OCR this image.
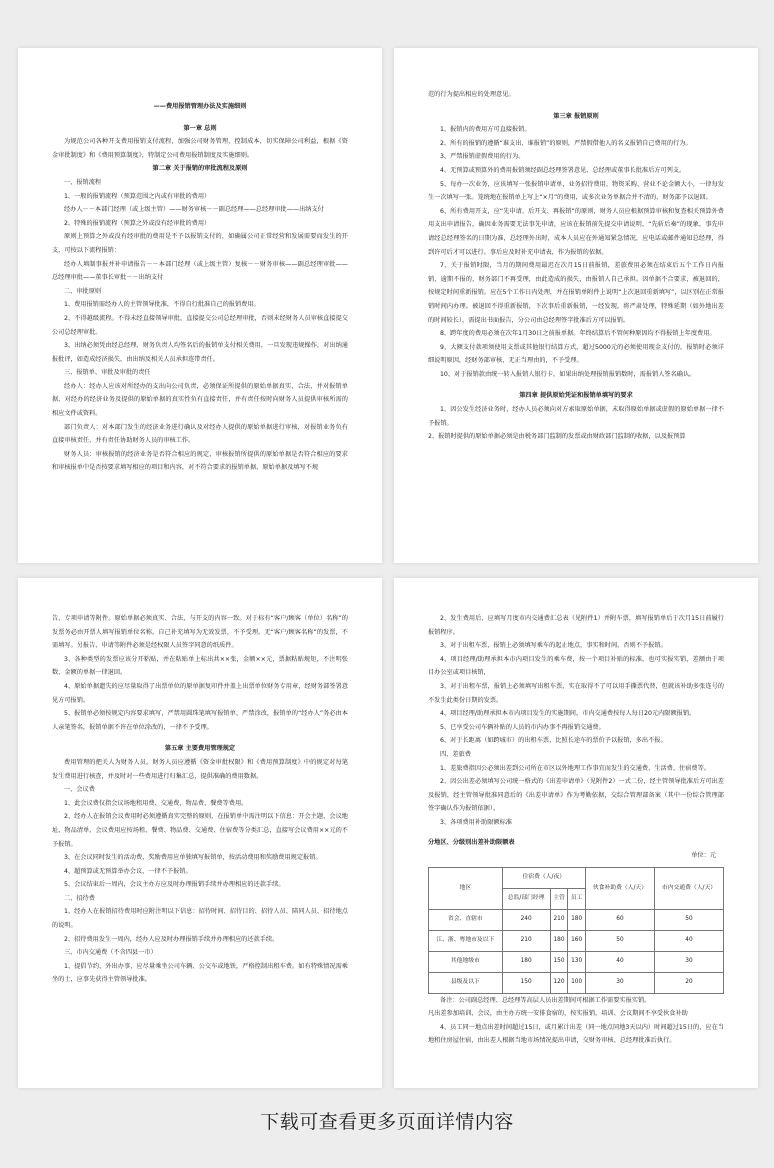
——费用报销管理办法及实施细则

第一章 总则

为规范公司各种开支费用报销支付流程，加强公司财务管理，控制成本，切实保障公司利益，根据《资金审批制度》和《费用预算制度》，特制定公司费用报销制度及实施细则。

第二章 关于报销的审批流程及原则

一、报销流程

1、一般的报销流程（预算范围之内或有审批的费用）

经办人－－本部门经理（或上级主管）——财务审核－－副总经理——总经理审批——出纳支付

2、特殊的报销流程（预算之外或没有经审批的费用）

原则上预算之外或没有经审批的费用是不予以报销支付的，如确属公司正常经营和发展需要而发生的开支，可按以下流程报销：

经办人填制事报并补申请报告－－本部门经理（或上级主管）复核－－财务审核——副总经理审批——总经理审批——董事长审批－－出纳支付

二、审批原则

1、费用报销需经办人的主管领导批准，不得自行批准自己的报销费用。

2、不得越级流程。不得未经直接领导审批，直接提交公司总经理审批，否则未经财务人员审核直接提交公司总经理审批。

3、出纳必须凭由经总经理、财务负责人均签名后的报销单支付相关费用，一旦发现违规操作，对出纳通报批评，如造成经济损失，由出纳及相关人员承担连带责任。

三、报销单、审批及审批的责任

经办人：经办人应该对所经办的支出向公司负责，必须保证所提供的原始单据真实、合法，并对报销单据、对经办的经济业务及提供的原始单据的真实性负有直接责任，并有责任按时向财务人员提供审核所需的相应文件或资料。

部门负责人：对本部门发生的经济业务进行确认及对经办人提供的原始单据进行审核，对报销业务负有直接审核责任，并有责任协助财务人员的审核工作。

财务人员：审核报销的经济业务是否符合相应的规定，审核报销所提供的原始单据是否符合相应的要求和审核报单中是否按要求填写相应的项目和内容，对不符合要求的报销单据、原始单据及填写不规

范的行为提出相应的处理意见。

第三章 报销原则

1、报销内的费用方可直接报销。

2、所有的报销的遵循“谁支出、谁报销”的原则，严禁假借他人的名义报销自己费用的行为。

3、严禁报销虚假费用的行为。

4、无预算或预算外的费用报销须经副总经理签署意见、总经理或董事长批准后方可列支。

5、每办一次业务，应该填写一张报销申请单，业务招待费用、物资采购、营业不论金额大小，一律每发生一次填写一张。笼统地在报销单上写上“×月”的费用，或多次业务单据合并不清的，财务部予以退回。

6、所有费用开支，应“先申请、后开支、再报销”的原则，财务人员应根据预算审核和复查相关预算外费用支出申请报告，确因业务需要无法事先申请，应该在报销前先提交申请说明，“先斩后奏”的现象，事先申请经总经理签名的日期为准，总经理外出时，成本人员应在外通知紧急情况，应电话或邮件通知总经理，得到许可后才可以进行。事后应及时补充申请表，作为报销的依据。

7、关于报销时限，当月的期间费用最迟在次月15日前报销，差旅费用必须在结束后五个工作日内报销，逾期不报的，财务部门不再受理，由此造成的损失，由报销人自己承担。因单据不合要求，被退回的，按规定时间重新报销。应在5个工作日内处理，并在报销单附件上说明“上次退回重新填写”，以区别在正常报销时间内办理。被退回不得重新报销，下次事后重新报销，一经发现，将严肃处理，特殊延期（如外地出差的时间较长），需提出书面报告，分公司由总经理签字批准后方可以报销。

8、跨年度的费用必须在次年1月30日之前报单据。年终结算后不管何种原因均不得报销上年度费用。

9、大额支付款项须使用支票或其他银行结算方式，超过5000元的必须使用现金支付的，报销时必须详细说明原因，经财务部审核，无正当理由的，不予受理。

10、对于报销款由统一转入报销人银行卡，如果出纳处理报销报销数时，需报销人签名确认。

第四章 提供原始凭证和报销单填写的要求

1、因公发生经济业务时，经办人员必须向对方索取原始单据，未取得原始单据或虚假的原始单据一律不予报销。

2、报销时提供的原始单据必须是由税务部门监制的发票或由财政部门监制的收据，以及报预算

告、专项申请等附件。原始单据必须真实、合法，与开支的内容一致。对于标有“客户/顾客（单位）名称”的发票务必由开票人填写报销单位名称，自己补充填写为无效发票，不予受理。无“客户/顾客名称”的发票，不需填写。另报告、申请等附件必须是经权限人员签字同意的纸质件。

3、各种类型的发票应该分开粘贴，并在粘贴单上标出共××张，金额××元，票据粘贴规矩，不注明张数、金额的单据一律退回。

4、原始单据遗失的应尽量取得了出票单位的原单据复印件并盖上出票单位财务专用章，经财务部签署意见方可报销。

5、报销单必须按规定内容要求填写，严禁用圆珠笔填写报销单、严禁涂改，报销单的“经办人”务必由本人亲笔签名，报销单据不许在单位涂改的，一律不予受理。

第五章 主要费用管理规定

费用管理的把关人为财务人员。财务人员应遵循《资金审批权限》和《费用预算制度》中的规定对每笔发生费用进行核查，并及时对一些费用进行归集汇总，提供准确的费用数据。

一、会议费

1、此会议费仅指会议场地租用费、交通费、物品费、餐费等费用。

2、经办人在报销会议费用时必须遵循真实完整的原则，在报销单中需注明以下信息：开会主题、会议地址、物品清单、会议费用应按场租、餐费、物品费、交通费、住宿费等分类汇总，直接写会议费用××元的不予报销。

3、在会议同时发生的活动费，奖励费用应单独填写报销单，按活动费用和奖励费用规定报销。

4、超预算或无预算举办会议，一律不予报销。

5、会议结束后一周内，会议主办方应及时办理报销手续并办理相应的还款手续。

二、招待费

1、经办人在报销招待费用时应附注明以下信息：招待时间、招待目的、招待人员、陪同人员、招待地点的说明。

2、招待费用发生一周内，经办人应及时办理报销手续并办理相应的还款手续。

三、市内交通费（不含四县一市）

1、提倡节约，外出办事，应尽量乘坐公司车辆、公交车或地铁，严格控制出租车费。如有特殊情况需乘坐的士，应事先获得主管领导批准。

2、发生费用后，应填写月度市内交通费汇总表（见附件1）并附车票，填写报销单后于次月15日前履行报销程序。

3、对于出租车票，报销上必须填写乘车的起止地点，事实和时间，否则不予报销。

4、项目经理/助理承担本市内项目发生的乘车费，按一个项目补贴的标准，也可实报实销，差额由于项目办公室或项目核销，

3、对于出租车票，报销上必须填写出租车票，实在取得不了可以用手撕票代替，但就该补助多张连号的不发生此类份日期的发票。

4、项目经理/助理承担本市内项目发生的实施期间，市内交通费按每人每日20元内限额报销。

5、已享受公司车辆补贴的人员的市内办事不再报销交通费。

6、对于长距离（如跨城市）的出租车票，比照长途车的票价予以报销，多出不报。

四、差旅费

1、差旅费指因公必须出差到公司所在市区以外地理工作事宜而发生的交通费、生活费、住宿费等。

2、因公出差必须填写公司统一格式的《出差申请单》（见附件2）一式二份，经主管领导批准后方可出差及报销，经主管领导批准同意后的《出差申请单》作为考勤依据，交综合管理部备案（其中一份综合管理部签字确认作为报销依据）。

3、各项费用补助限额标准

分地区、分级别出差补助限额表

单位：元

地区	住宿费（人/夜）			伙食补助费（人/天）	市内交通费（人/天）
	总监/部门经理	主管	员工		
省会、直辖市	240	210	180	60	50
江、浙、粤地市及以下	210	180	160	50	40
其他地级市	180	150	130	40	30
县级及以下	150	120	100	30	20

备注：公司副总经理、总经理等高层人员出差期间可根据工作需要实报实销。

凡出差参加培训、会议，由主办方统一安排食宿的，按实报销，培训、会议期间不享受伙食补助

4、员工同一地点出差时间超过15日，或月累计出差（同一地点同地3天以内）时间超过15日的，应在当地租住房屋住宿，由出差人根据当地市场情况提出申请，交财务审核、总经理批准后执行。

下载可查看更多页面详情内容
